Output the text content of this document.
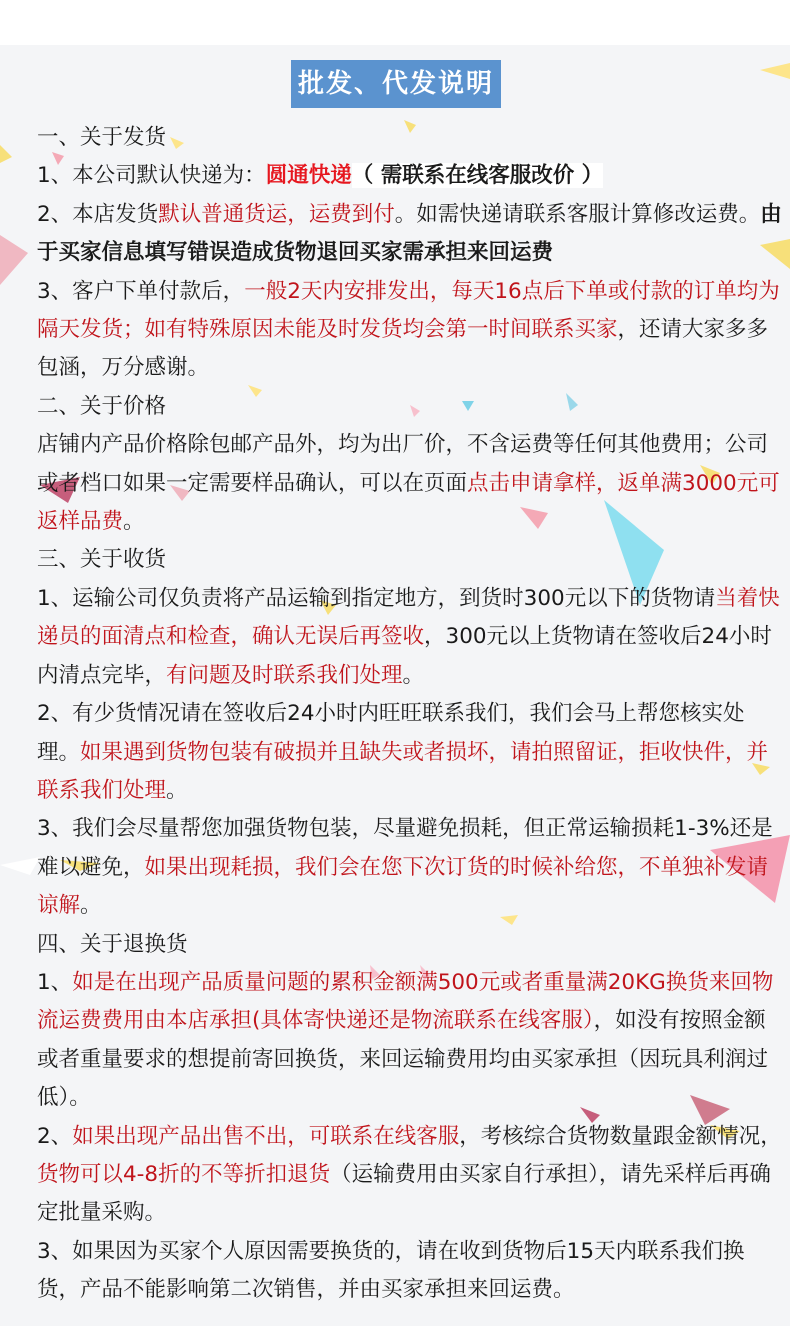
批发、代发说明

一、关于发货

1、本公司默认快递为：圆通快递（ 需联系在线客服改价 ）

2、本店发货默认普通货运，运费到付。如需快递请联系客服计算修改运费。由于买家信息填写错误造成货物退回买家需承担来回运费

3、客户下单付款后，一般2天内安排发出，每天16点后下单或付款的订单均为隔天发货；如有特殊原因未能及时发货均会第一时间联系买家，还请大家多多包涵，万分感谢。

二、关于价格

店铺内产品价格除包邮产品外，均为出厂价，不含运费等任何其他费用；公司或者档口如果一定需要样品确认，可以在页面点击申请拿样，返单满3000元可返样品费。

三、关于收货

1、运输公司仅负责将产品运输到指定地方，到货时300元以下的货物请当着快递员的面清点和检查，确认无误后再签收，300元以上货物请在签收后24小时内清点完毕，有问题及时联系我们处理。

2、有少货情况请在签收后24小时内旺旺联系我们，我们会马上帮您核实处理。如果遇到货物包装有破损并且缺失或者损坏，请拍照留证，拒收快件，并联系我们处理。

3、我们会尽量帮您加强货物包装，尽量避免损耗，但正常运输损耗1-3%还是难以避免，如果出现耗损，我们会在您下次订货的时候补给您，不单独补发请谅解。

四、关于退换货

1、如是在出现产品质量问题的累积金额满500元或者重量满20KG换货来回物流运费费用由本店承担(具体寄快递还是物流联系在线客服），如没有按照金额或者重量要求的想提前寄回换货，来回运输费用均由买家承担（因玩具利润过低）。

2、如果出现产品出售不出，可联系在线客服，考核综合货物数量跟金额情况，货物可以4-8折的不等折扣退货（运输费用由买家自行承担），请先采样后再确定批量采购。

3、如果因为买家个人原因需要换货的，请在收到货物后15天内联系我们换货，产品不能影响第二次销售，并由买家承担来回运费。
